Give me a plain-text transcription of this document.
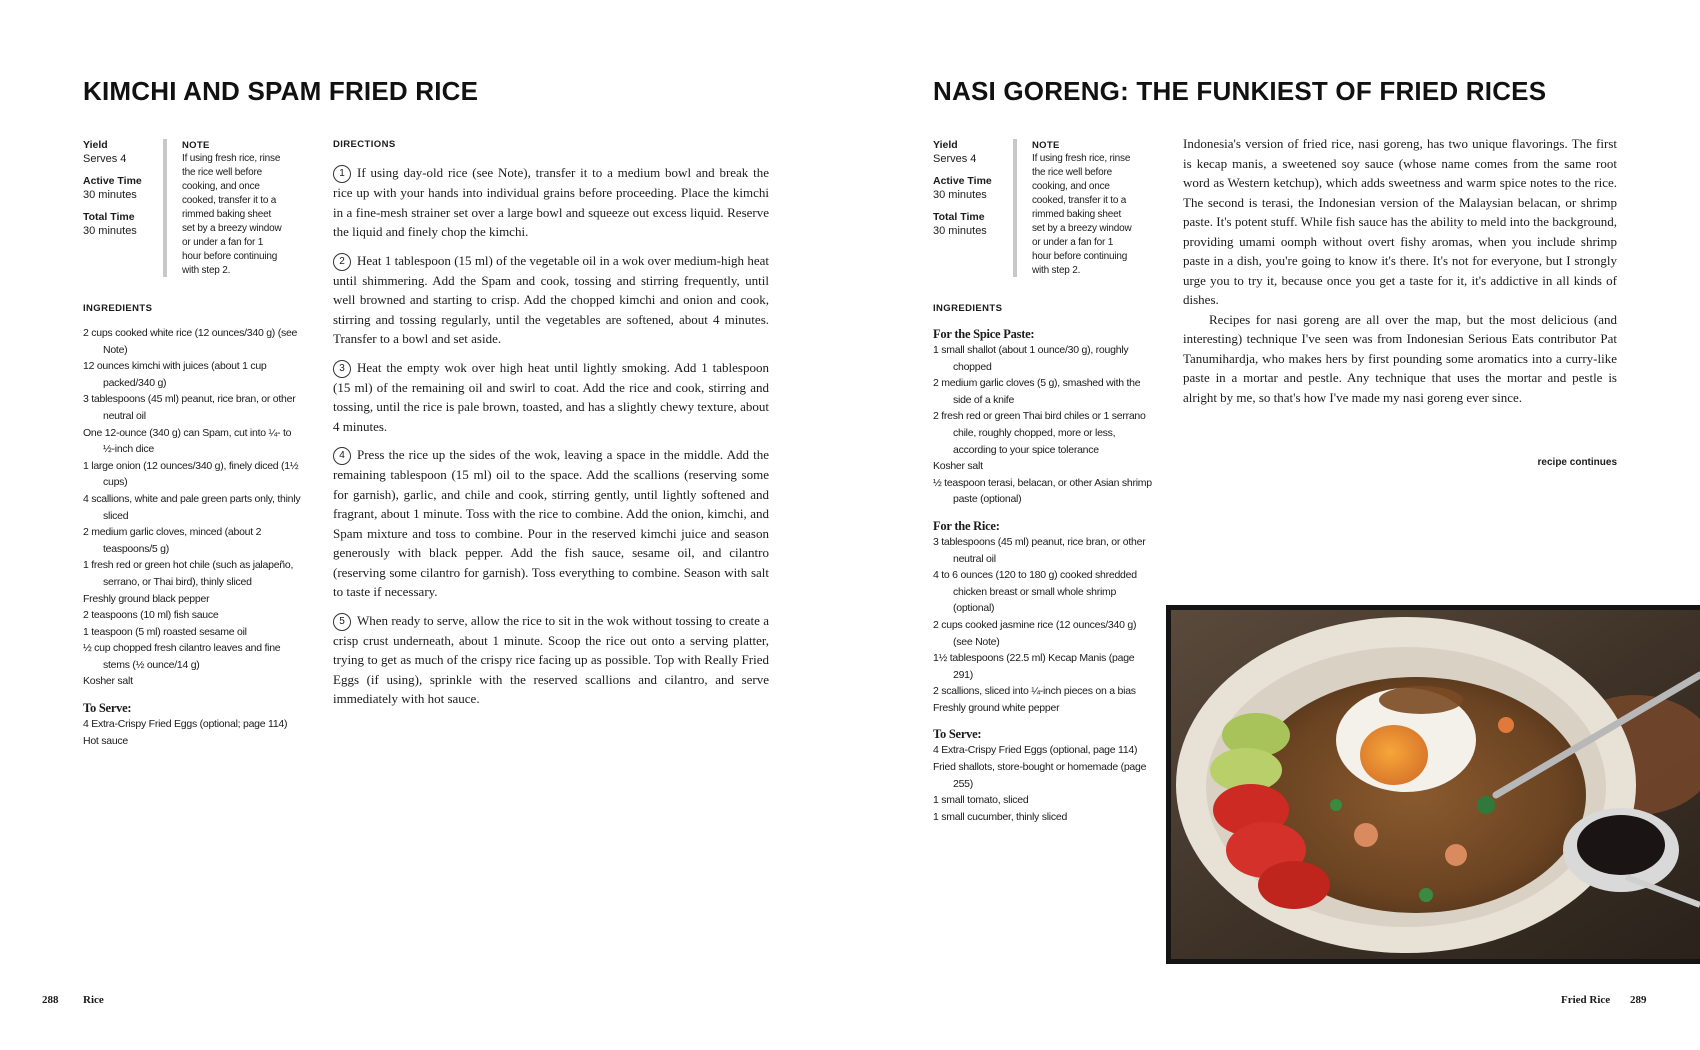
KIMCHI AND SPAM FRIED RICE
Yield
Serves 4
Active Time
30 minutes
Total Time
30 minutes
NOTE
If using fresh rice, rinse the rice well before cooking, and once cooked, transfer it to a rimmed baking sheet set by a breezy window or under a fan for 1 hour before continuing with step 2.
INGREDIENTS
2 cups cooked white rice (12 ounces/340 g) (see Note)
12 ounces kimchi with juices (about 1 cup packed/340 g)
3 tablespoons (45 ml) peanut, rice bran, or other neutral oil
One 12-ounce (340 g) can Spam, cut into ¼- to ½-inch dice
1 large onion (12 ounces/340 g), finely diced (1½ cups)
4 scallions, white and pale green parts only, thinly sliced
2 medium garlic cloves, minced (about 2 teaspoons/5 g)
1 fresh red or green hot chile (such as jalapeño, serrano, or Thai bird), thinly sliced
Freshly ground black pepper
2 teaspoons (10 ml) fish sauce
1 teaspoon (5 ml) roasted sesame oil
½ cup chopped fresh cilantro leaves and fine stems (½ ounce/14 g)
Kosher salt
To Serve:
4 Extra-Crispy Fried Eggs (optional; page 114)
Hot sauce
DIRECTIONS
1 If using day-old rice (see Note), transfer it to a medium bowl and break the rice up with your hands into individual grains before proceeding. Place the kimchi in a fine-mesh strainer set over a large bowl and squeeze out excess liquid. Reserve the liquid and finely chop the kimchi.
2 Heat 1 tablespoon (15 ml) of the vegetable oil in a wok over medium-high heat until shimmering. Add the Spam and cook, tossing and stirring frequently, until well browned and starting to crisp. Add the chopped kimchi and onion and cook, stirring and tossing regularly, until the vegetables are softened, about 4 minutes. Transfer to a bowl and set aside.
3 Heat the empty wok over high heat until lightly smoking. Add 1 tablespoon (15 ml) of the remaining oil and swirl to coat. Add the rice and cook, stirring and tossing, until the rice is pale brown, toasted, and has a slightly chewy texture, about 4 minutes.
4 Press the rice up the sides of the wok, leaving a space in the middle. Add the remaining tablespoon (15 ml) oil to the space. Add the scallions (reserving some for garnish), garlic, and chile and cook, stirring gently, until lightly softened and fragrant, about 1 minute. Toss with the rice to combine. Add the onion, kimchi, and Spam mixture and toss to combine. Pour in the reserved kimchi juice and season generously with black pepper. Add the fish sauce, sesame oil, and cilantro (reserving some cilantro for garnish). Toss everything to combine. Season with salt to taste if necessary.
5 When ready to serve, allow the rice to sit in the wok without tossing to create a crisp crust underneath, about 1 minute. Scoop the rice out onto a serving platter, trying to get as much of the crispy rice facing up as possible. Top with Really Fried Eggs (if using), sprinkle with the reserved scallions and cilantro, and serve immediately with hot sauce.
288 Rice
NASI GORENG: THE FUNKIEST OF FRIED RICES
Yield
Serves 4
Active Time
30 minutes
Total Time
30 minutes
NOTE
If using fresh rice, rinse the rice well before cooking, and once cooked, transfer it to a rimmed baking sheet set by a breezy window or under a fan for 1 hour before continuing with step 2.
INGREDIENTS
For the Spice Paste:
1 small shallot (about 1 ounce/30 g), roughly chopped
2 medium garlic cloves (5 g), smashed with the side of a knife
2 fresh red or green Thai bird chiles or 1 serrano chile, roughly chopped, more or less, according to your spice tolerance
Kosher salt
½ teaspoon terasi, belacan, or other Asian shrimp paste (optional)
For the Rice:
3 tablespoons (45 ml) peanut, rice bran, or other neutral oil
4 to 6 ounces (120 to 180 g) cooked shredded chicken breast or small whole shrimp (optional)
2 cups cooked jasmine rice (12 ounces/340 g) (see Note)
1½ tablespoons (22.5 ml) Kecap Manis (page 291)
2 scallions, sliced into ¼-inch pieces on a bias
Freshly ground white pepper
To Serve:
4 Extra-Crispy Fried Eggs (optional, page 114)
Fried shallots, store-bought or homemade (page 255)
1 small tomato, sliced
1 small cucumber, thinly sliced

Indonesia's version of fried rice, nasi goreng, has two unique flavorings. The first is kecap manis, a sweetened soy sauce (whose name comes from the same root word as Western ketchup), which adds sweetness and warm spice notes to the rice. The second is terasi, the Indonesian version of the Malaysian belacan, or shrimp paste. It's potent stuff. While fish sauce has the ability to meld into the background, providing umami oomph without overt fishy aromas, when you include shrimp paste in a dish, you're going to know it's there. It's not for everyone, but I strongly urge you to try it, because once you get a taste for it, it's addictive in all kinds of dishes.

Recipes for nasi goreng are all over the map, but the most delicious (and interesting) technique I've seen was from Indonesian Serious Eats contributor Pat Tanumihardja, who makes hers by first pounding some aromatics into a curry-like paste in a mortar and pestle. Any technique that uses the mortar and pestle is alright by me, so that's how I've made my nasi goreng ever since.

recipe continues
Fried Rice 289
